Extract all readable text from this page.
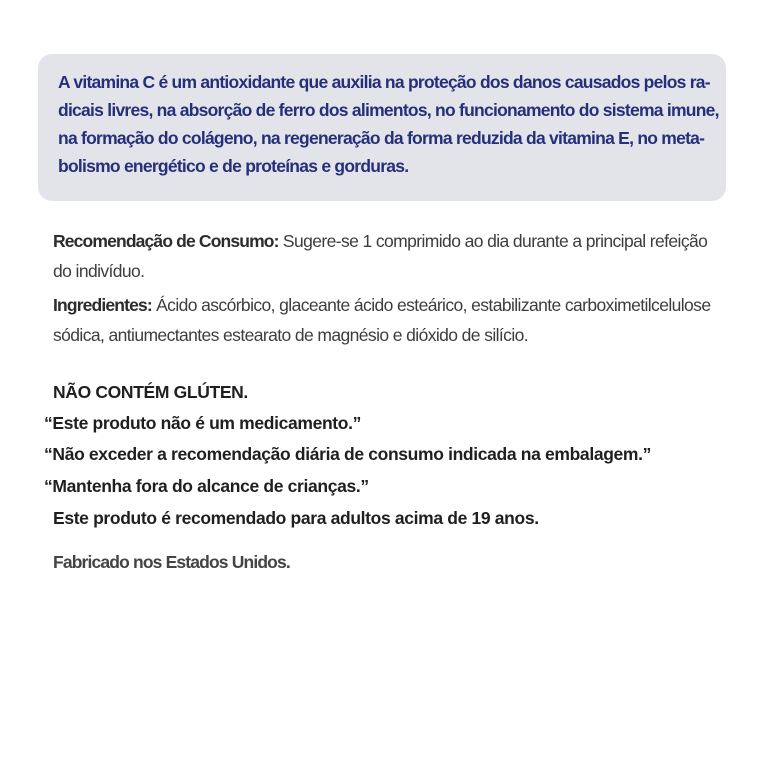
A vitamina C é um antioxidante que auxilia na proteção dos danos causados pelos ra-
dicais livres, na absorção de ferro dos alimentos, no funcionamento do sistema imune,
na formação do colágeno, na regeneração da forma reduzida da vitamina E, no meta-
bolismo energético e de proteínas e gorduras.

Recomendação de Consumo: Sugere-se 1 comprimido ao dia durante a principal refeição
do indivíduo.

Ingredientes: Ácido ascórbico, glaceante ácido esteárico, estabilizante carboximetilcelulose
sódica, antiumectantes estearato de magnésio e dióxido de silício.

NÃO CONTÉM GLÚTEN.

“Este produto não é um medicamento.”

“Não exceder a recomendação diária de consumo indicada na embalagem.”

“Mantenha fora do alcance de crianças.”

Este produto é recomendado para adultos acima de 19 anos.

Fabricado nos Estados Unidos.
